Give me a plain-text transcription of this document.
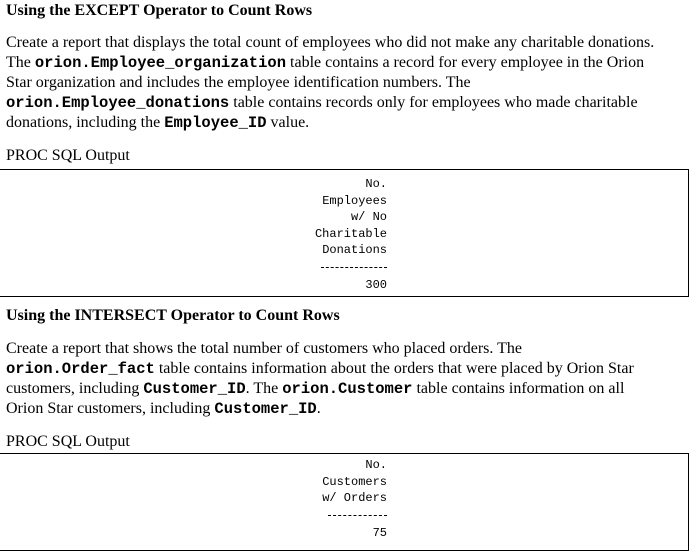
Using the EXCEPT Operator to Count Rows
Create a report that displays the total count of employees who did not make any charitable donations.
The orion.Employee_organization table contains a record for every employee in the Orion
Star organization and includes the employee identification numbers. The
orion.Employee_donations table contains records only for employees who made charitable
donations, including the Employee_ID value.
PROC SQL Output
No.
Employees
w/ No
Charitable
Donations
300
Using the INTERSECT Operator to Count Rows
Create a report that shows the total number of customers who placed orders. The
orion.Order_fact table contains information about the orders that were placed by Orion Star
customers, including Customer_ID. The orion.Customer table contains information on all
Orion Star customers, including Customer_ID.
PROC SQL Output
No.
Customers
w/ Orders
75
